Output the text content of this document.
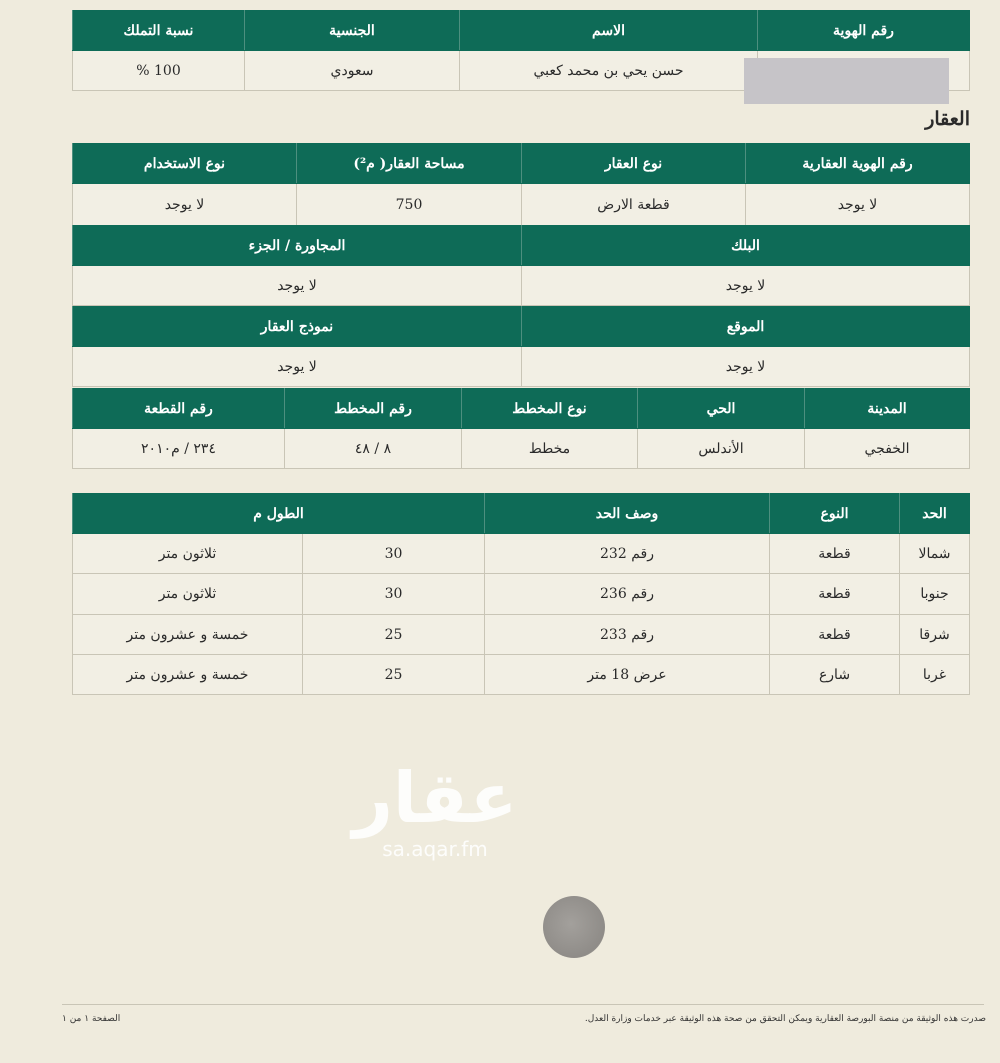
رقم الهوية	الاسم	الجنسية	نسبة التملك
	حسن يحي بن محمد كعبي	سعودي	100 %
العقار
رقم الهوية العقارية	نوع العقار	مساحة العقار( م²)	نوع الاستخدام
لا يوجد	قطعة الارض	750	لا يوجد
البلك	المجاورة / الجزء
لا يوجد	لا يوجد
الموقع	نموذج العقار
لا يوجد	لا يوجد
المدينة	الحي	نوع المخطط	رقم المخطط	رقم القطعة
الخفجي	الأندلس	مخطط	٨ / ٤٨	٢٣٤ / م٢٠١٠
الحد	النوع	وصف الحد	الطول م	
شمالا	قطعة	رقم 232	30	ثلاثون متر
جنوبا	قطعة	رقم 236	30	ثلاثون متر
شرقا	قطعة	رقم 233	25	خمسة و عشرون متر
غربا	شارع	عرض 18 متر	25	خمسة و عشرون متر
عقار
sa.aqar.fm
صدرت هذه الوثيقة من منصة البورصة العقارية ويمكن التحقق من صحة هذه الوثيقة عبر خدمات وزارة العدل.
الصفحة ١ من ١
